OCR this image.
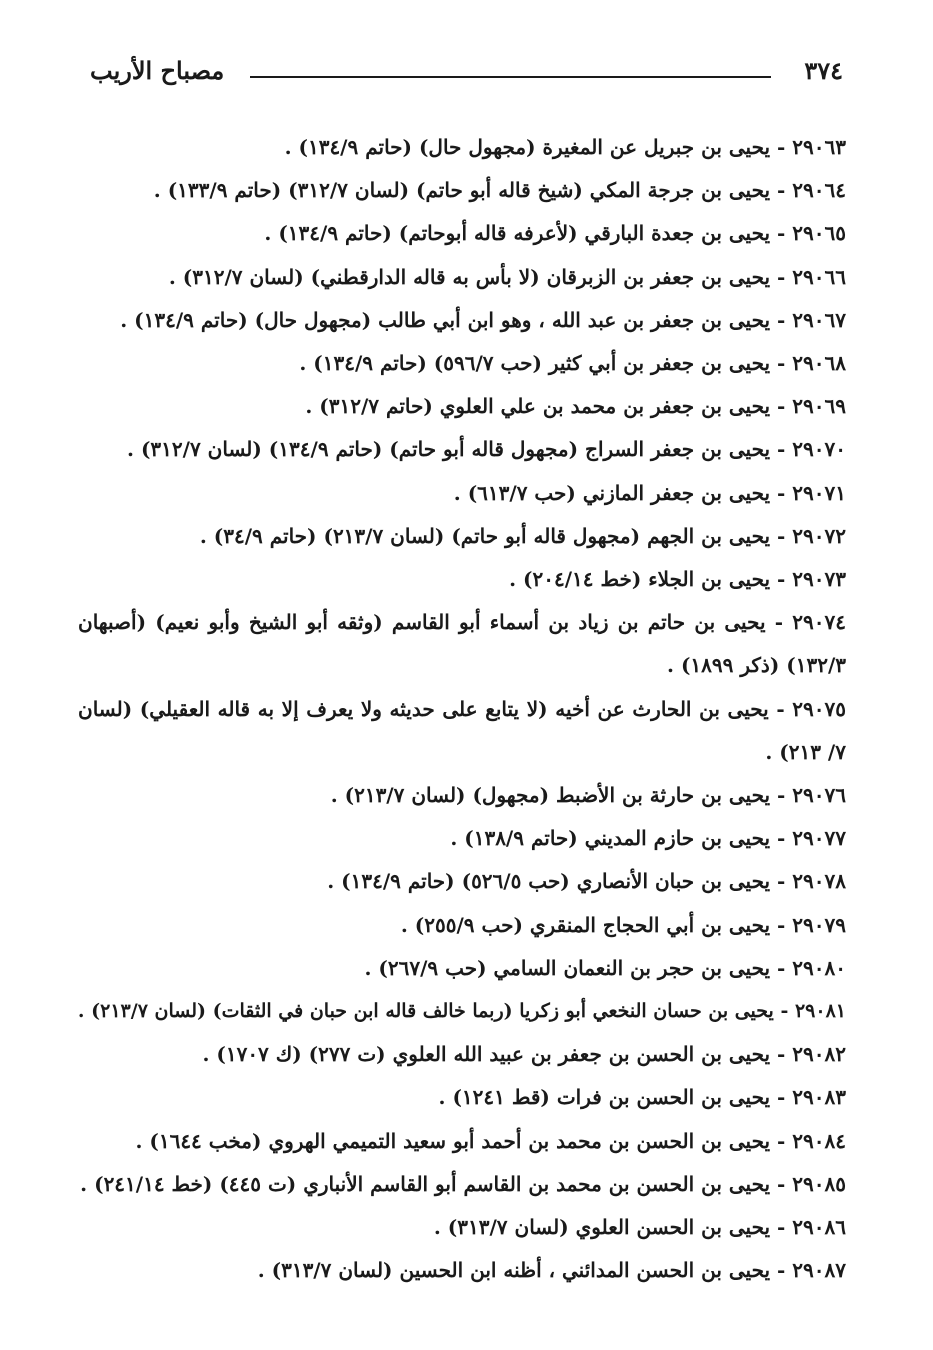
٣٧٤
مصباح الأريب
٢٩٠٦٣ - يحيى بن جبريل عن المغيرة (مجهول حال) (حاتم ١٣٤/٩) .
٢٩٠٦٤ - يحيى بن جرجة المكي (شيخ قاله أبو حاتم) (لسان ٣١٢/٧) (حاتم ١٣٣/٩) .
٢٩٠٦٥ - يحيى بن جعدة البارقي (لأعرفه قاله أبوحاتم) (حاتم ١٣٤/٩) .
٢٩٠٦٦ - يحيى بن جعفر بن الزبرقان (لا بأس به قاله الدارقطني) (لسان ٣١٢/٧) .
٢٩٠٦٧ - يحيى بن جعفر بن عبد الله ، وهو ابن أبي طالب (مجهول حال) (حاتم ١٣٤/٩) .
٢٩٠٦٨ - يحيى بن جعفر بن أبي كثير (حب ٥٩٦/٧) (حاتم ١٣٤/٩) .
٢٩٠٦٩ - يحيى بن جعفر بن محمد بن علي العلوي (حاتم ٣١٢/٧) .
٢٩٠٧٠ - يحيى بن جعفر السراج (مجهول قاله أبو حاتم) (حاتم ١٣٤/٩) (لسان ٣١٢/٧) .
٢٩٠٧١ - يحيى بن جعفر المازني (حب ٦١٣/٧) .
٢٩٠٧٢ - يحيى بن الجهم (مجهول قاله أبو حاتم) (لسان ٢١٣/٧) (حاتم ٣٤/٩) .
٢٩٠٧٣ - يحيى بن الجلاء (خط ٢٠٤/١٤) .
٢٩٠٧٤ - يحيى بن حاتم بن زياد بن أسماء أبو القاسم (وثقه أبو الشيخ وأبو نعيم) (أصبهان ١٣٢/٣) (ذكر ١٨٩٩) .
٢٩٠٧٥ - يحيى بن الحارث عن أخيه (لا يتابع على حديثه ولا يعرف إلا به قاله العقيلي) (لسان ٧/ ٢١٣) .
٢٩٠٧٦ - يحيى بن حارثة بن الأضبط (مجهول) (لسان ٢١٣/٧) .
٢٩٠٧٧ - يحيى بن حازم المديني (حاتم ١٣٨/٩) .
٢٩٠٧٨ - يحيى بن حبان الأنصاري (حب ٥٢٦/٥) (حاتم ١٣٤/٩) .
٢٩٠٧٩ - يحيى بن أبي الحجاج المنقري (حب ٢٥٥/٩) .
٢٩٠٨٠ - يحيى بن حجر بن النعمان السامي (حب ٢٦٧/٩) .
٢٩٠٨١ - يحيى بن حسان النخعي أبو زكريا (ربما خالف قاله ابن حبان في الثقات) (لسان ٢١٣/٧) .
٢٩٠٨٢ - يحيى بن الحسن بن جعفر بن عبيد الله العلوي (ت ٢٧٧) (ك ١٧٠٧) .
٢٩٠٨٣ - يحيى بن الحسن بن فرات (قط ١٢٤١) .
٢٩٠٨٤ - يحيى بن الحسن بن محمد بن أحمد أبو سعيد التميمي الهروي (مخب ١٦٤٤) .
٢٩٠٨٥ - يحيى بن الحسن بن محمد بن القاسم أبو القاسم الأنباري (ت ٤٤٥) (خط ٢٤١/١٤) .
٢٩٠٨٦ - يحيى بن الحسن العلوي (لسان ٣١٣/٧) .
٢٩٠٨٧ - يحيى بن الحسن المدائني ، أظنه ابن الحسين (لسان ٣١٣/٧) .
